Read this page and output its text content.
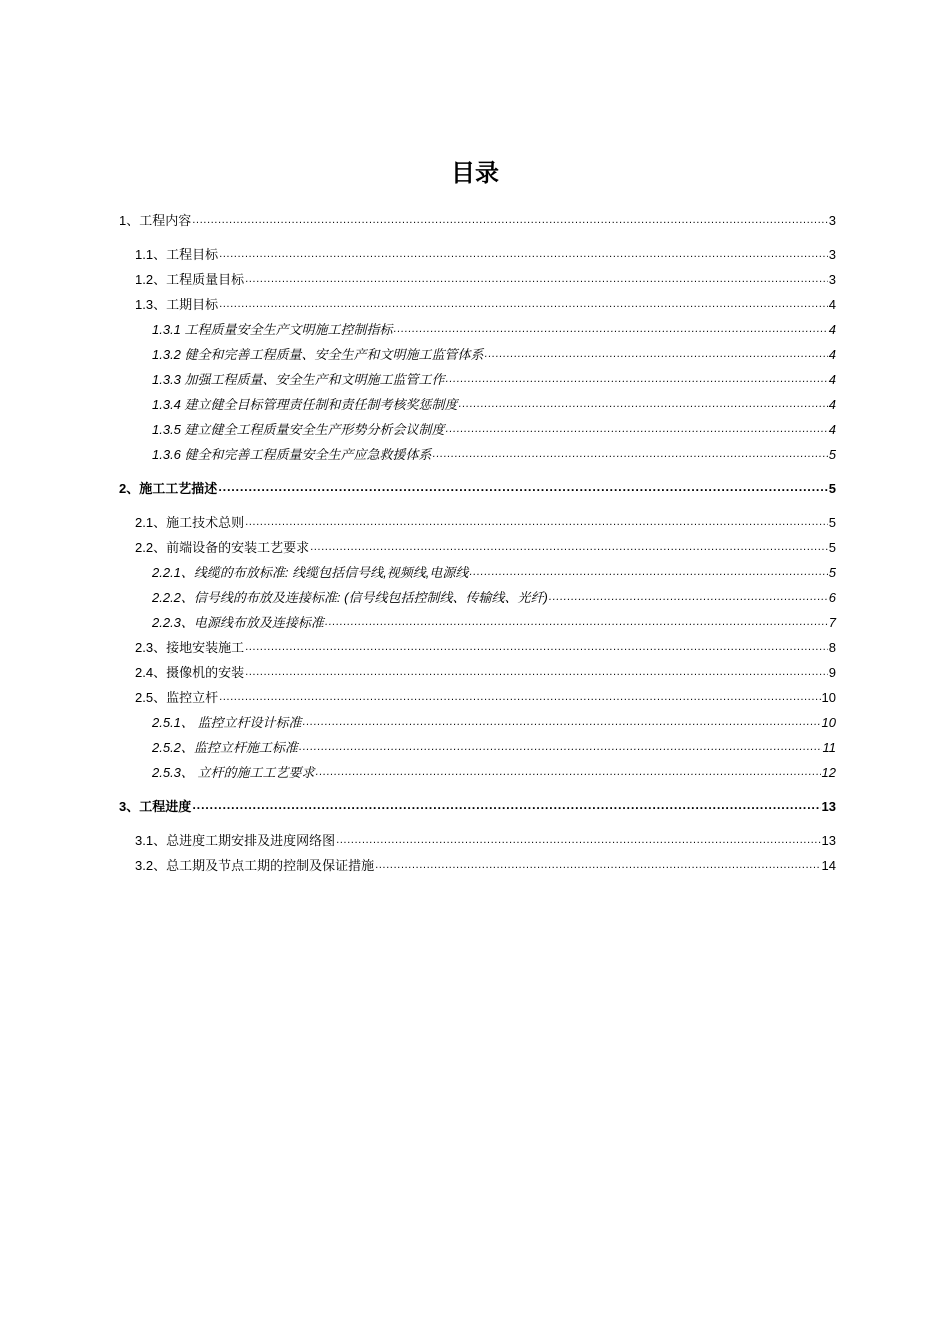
目录
1、工程内容 .....	3
1.1、工程目标 .....	3
1.2、工程质量目标 .....	3
1.3、工期目标 .....	4
1.3.1 工程质量安全生产文明施工控制指标 .....	4
1.3.2 健全和完善工程质量、安全生产和文明施工监管体系 .....	4
1.3.3 加强工程质量、安全生产和文明施工监管工作 .....	4
1.3.4 建立健全目标管理责任制和责任制考核奖惩制度 .....	4
1.3.5 建立健全工程质量安全生产形势分析会议制度 .....	4
1.3.6 健全和完善工程质量安全生产应急救援体系 .....	5
2、施工工艺描述 .....	5
2.1、施工技术总则 .....	5
2.2、前端设备的安装工艺要求 .....	5
2.2.1、线缆的布放标准: 线缆包括信号线,视频线,电源线 .....	5
2.2.2、信号线的布放及连接标准: (信号线包括控制线、传输线、光纤) .....	6
2.2.3、电源线布放及连接标准 .....	7
2.3、接地安装施工 .....	8
2.4、摄像机的安装 .....	9
2.5、监控立杆 .....	10
2.5.1、 监控立杆设计标准 .....	10
2.5.2、监控立杆施工标准 .....	11
2.5.3、 立杆的施工工艺要求 .....	12
3、工程进度 .....	13
3.1、总进度工期安排及进度网络图 .....	13
3.2、总工期及节点工期的控制及保证措施 .....	14
